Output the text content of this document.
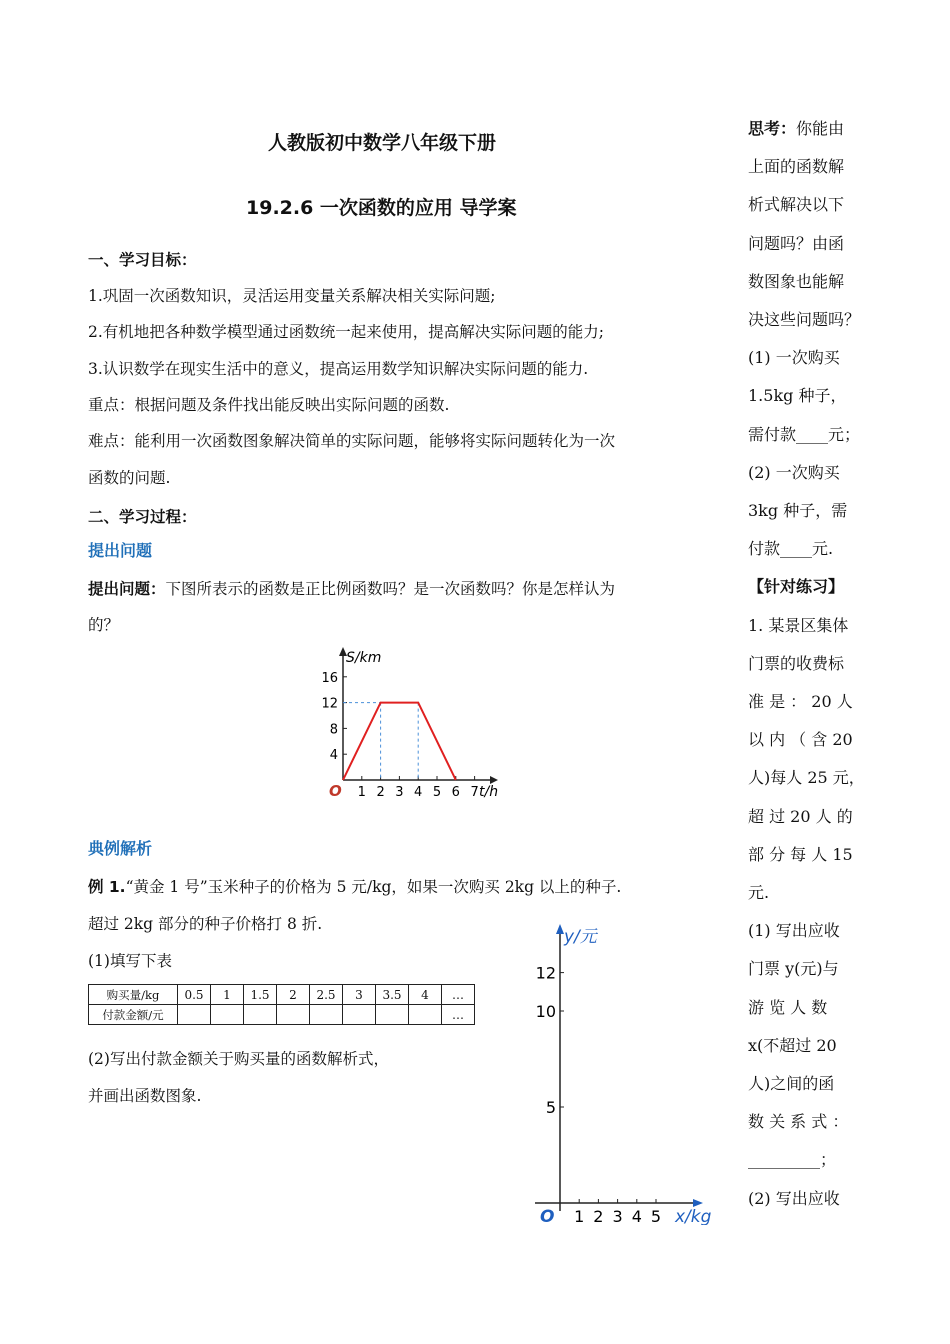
人教版初中数学八年级下册
19.2.6 一次函数的应用 导学案
一、学习目标：
1.巩固一次函数知识，灵活运用变量关系解决相关实际问题;
2.有机地把各种数学模型通过函数统一起来使用，提高解决实际问题的能力;
3.认识数学在现实生活中的意义，提高运用数学知识解决实际问题的能力.
重点：根据问题及条件找出能反映出实际问题的函数.
难点：能利用一次函数图象解决简单的实际问题，能够将实际问题转化为一次
函数的问题.
二、学习过程：
提出问题
提出问题：下图所表示的函数是正比例函数吗？是一次函数吗？你是怎样认为
的？
4
8
12
16
1 2 3 4 5 6 7
O
S/km
t/h
典例解析
例 1.“黄金 1 号”玉米种子的价格为 5 元/kg，如果一次购买 2kg 以上的种子.
超过 2kg 部分的种子价格打 8 折.
(1)填写下表
购买量/kg	0.5	1	1.5	2	2.5	3	3.5	4	…
付款金额/元									…
(2)写出付款金额关于购买量的函数解析式，
并画出函数图象.
5
10
12
1 2 3 4 5
O
y/元
x/kg
思考：你能由
上面的函数解
析式解决以下
问题吗？由函
数图象也能解
决这些问题吗？
(1) 一次购买
1.5kg 种子，
需付款____元；
(2) 一次购买
3kg 种子，需
付款____元.
【针对练习】
1. 某景区集体
门票的收费标
准 是 ： 20 人
以 内 （ 含 20
人)每人 25 元，
超 过 20 人 的
部 分 每 人 15
元.
(1) 写出应收
门票 y(元)与
游 览 人 数
x(不超过 20
人)之间的函
数 关 系 式 ：
_________；
(2) 写出应收
